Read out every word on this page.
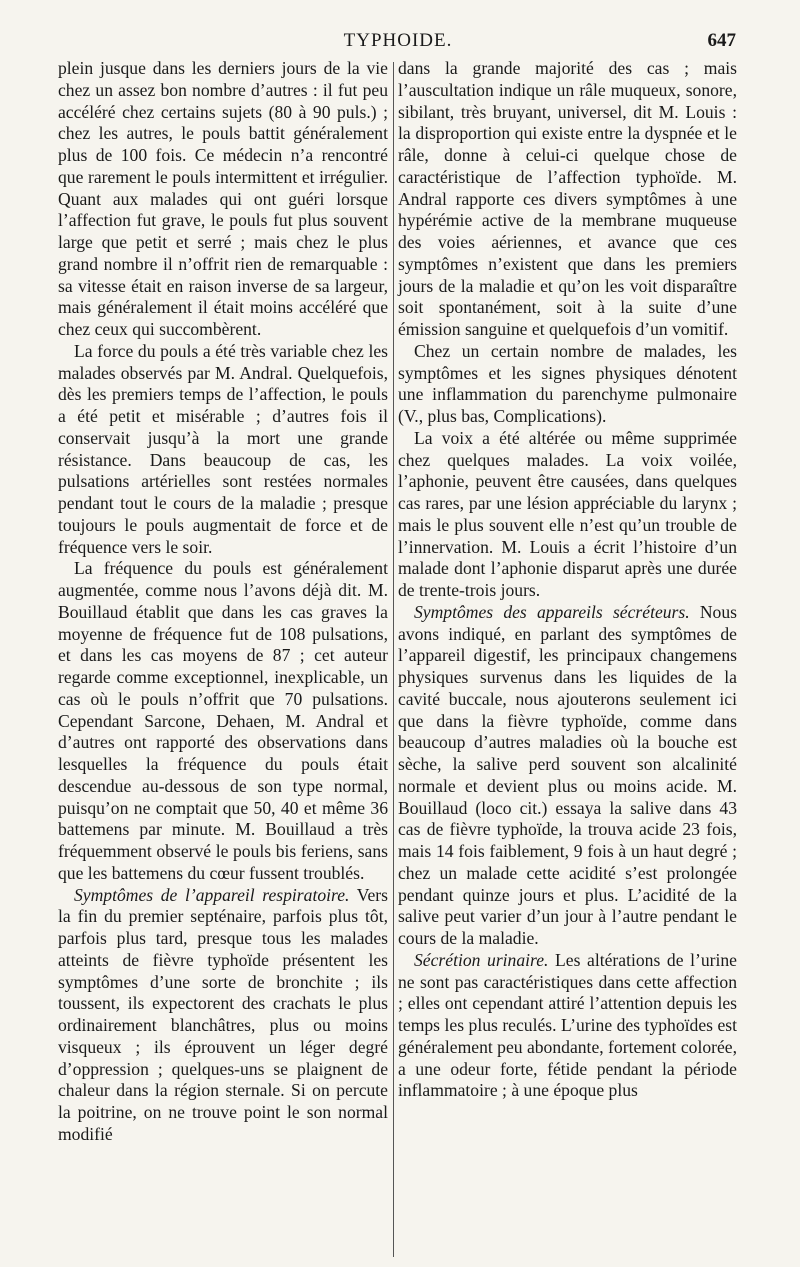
TYPHOIDE.	647

plein jusque dans les derniers jours de la vie chez un assez bon nombre d’autres : il fut peu accéléré chez certains sujets (80 à 90 puls.) ; chez les autres, le pouls battit généralement plus de 100 fois. Ce médecin n’a rencontré que rarement le pouls intermittent et irrégulier. Quant aux malades qui ont guéri lorsque l’affection fut grave, le pouls fut plus souvent large que petit et serré ; mais chez le plus grand nombre il n’offrit rien de remarquable : sa vitesse était en raison inverse de sa largeur, mais généralement il était moins accéléré que chez ceux qui succombèrent.

La force du pouls a été très variable chez les malades observés par M. Andral. Quelquefois, dès les premiers temps de l’affection, le pouls a été petit et misérable ; d’autres fois il conservait jusqu’à la mort une grande résistance. Dans beaucoup de cas, les pulsations artérielles sont restées normales pendant tout le cours de la maladie ; presque toujours le pouls augmentait de force et de fréquence vers le soir.

La fréquence du pouls est généralement augmentée, comme nous l’avons déjà dit. M. Bouillaud établit que dans les cas graves la moyenne de fréquence fut de 108 pulsations, et dans les cas moyens de 87 ; cet auteur regarde comme exceptionnel, inexplicable, un cas où le pouls n’offrit que 70 pulsations. Cependant Sarcone, Dehaen, M. Andral et d’autres ont rapporté des observations dans lesquelles la fréquence du pouls était descendue au-dessous de son type normal, puisqu’on ne comptait que 50, 40 et même 36 battemens par minute. M. Bouillaud a très fréquemment observé le pouls bis feriens, sans que les battemens du cœur fussent troublés.

Symptômes de l’appareil respiratoire. Vers la fin du premier septénaire, parfois plus tôt, parfois plus tard, presque tous les malades atteints de fièvre typhoïde présentent les symptômes d’une sorte de bronchite ; ils toussent, ils expectorent des crachats le plus ordinairement blanchâtres, plus ou moins visqueux ; ils éprouvent un léger degré d’oppression ; quelques-uns se plaignent de chaleur dans la région sternale. Si on percute la poitrine, on ne trouve point le son normal modifié

dans la grande majorité des cas ; mais l’auscultation indique un râle muqueux, sonore, sibilant, très bruyant, universel, dit M. Louis : la disproportion qui existe entre la dyspnée et le râle, donne à celui-ci quelque chose de caractéristique de l’affection typhoïde. M. Andral rapporte ces divers symptômes à une hypérémie active de la membrane muqueuse des voies aériennes, et avance que ces symptômes n’existent que dans les premiers jours de la maladie et qu’on les voit disparaître soit spontanément, soit à la suite d’une émission sanguine et quelquefois d’un vomitif.

Chez un certain nombre de malades, les symptômes et les signes physiques dénotent une inflammation du parenchyme pulmonaire (V., plus bas, Complications).

La voix a été altérée ou même supprimée chez quelques malades. La voix voilée, l’aphonie, peuvent être causées, dans quelques cas rares, par une lésion appréciable du larynx ; mais le plus souvent elle n’est qu’un trouble de l’innervation. M. Louis a écrit l’histoire d’un malade dont l’aphonie disparut après une durée de trente-trois jours.

Symptômes des appareils sécréteurs. Nous avons indiqué, en parlant des symptômes de l’appareil digestif, les principaux changemens physiques survenus dans les liquides de la cavité buccale, nous ajouterons seulement ici que dans la fièvre typhoïde, comme dans beaucoup d’autres maladies où la bouche est sèche, la salive perd souvent son alcalinité normale et devient plus ou moins acide. M. Bouillaud (loco cit.) essaya la salive dans 43 cas de fièvre typhoïde, la trouva acide 23 fois, mais 14 fois faiblement, 9 fois à un haut degré ; chez un malade cette acidité s’est prolongée pendant quinze jours et plus. L’acidité de la salive peut varier d’un jour à l’autre pendant le cours de la maladie.

Sécrétion urinaire. Les altérations de l’urine ne sont pas caractéristiques dans cette affection ; elles ont cependant attiré l’attention depuis les temps les plus reculés. L’urine des typhoïdes est généralement peu abondante, fortement colorée, a une odeur forte, fétide pendant la période inflammatoire ; à une époque plus
